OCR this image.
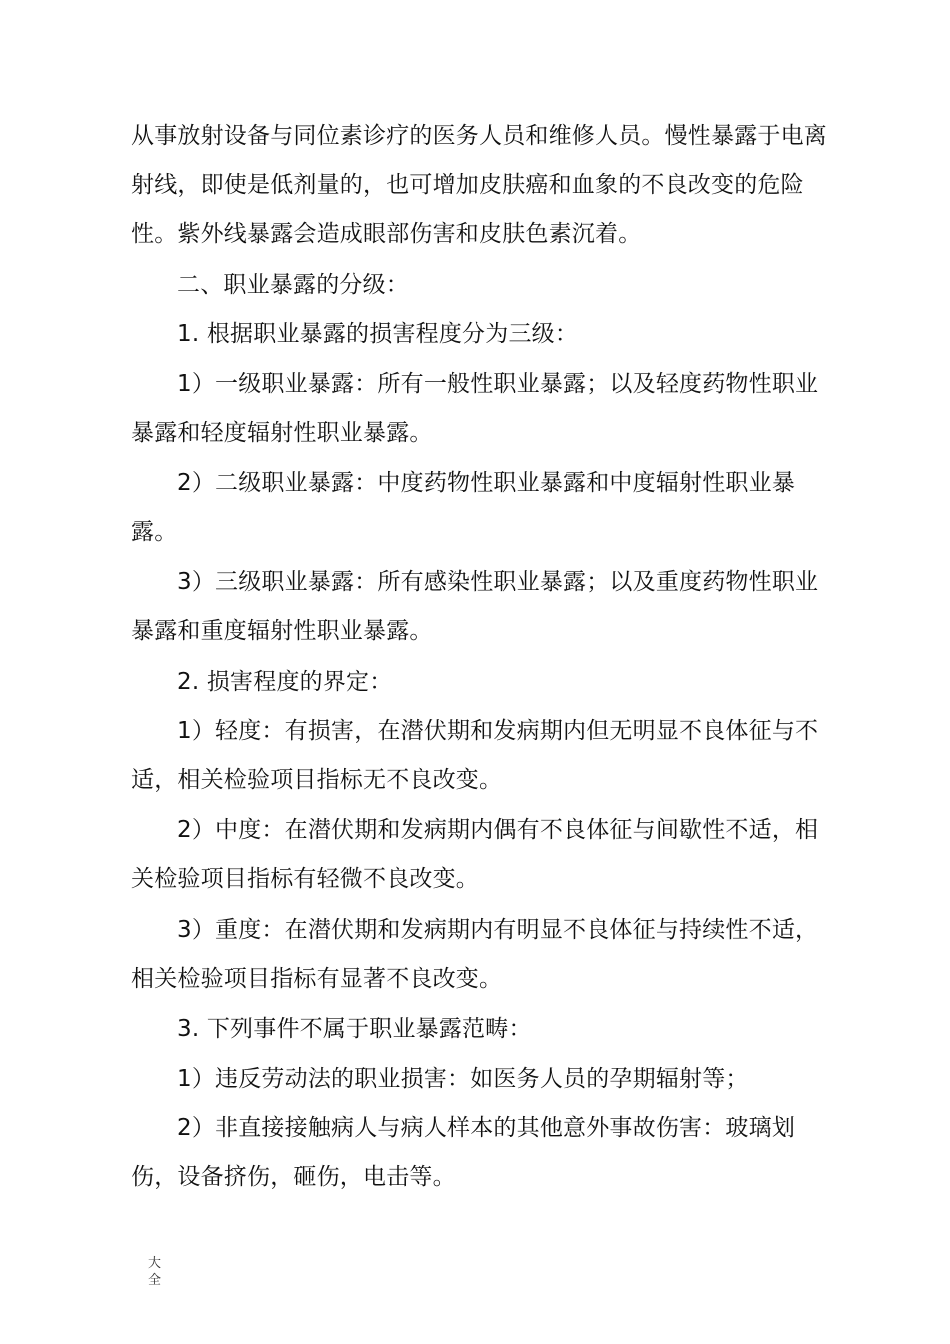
从事放射设备与同位素诊疗的医务人员和维修人员。慢性暴露于电离射线，即使是低剂量的，也可增加皮肤癌和血象的不良改变的危险性。紫外线暴露会造成眼部伤害和皮肤色素沉着。

二、职业暴露的分级：

1. 根据职业暴露的损害程度分为三级：

1）一级职业暴露：所有一般性职业暴露；以及轻度药物性职业暴露和轻度辐射性职业暴露。

2）二级职业暴露：中度药物性职业暴露和中度辐射性职业暴露。

3）三级职业暴露：所有感染性职业暴露；以及重度药物性职业暴露和重度辐射性职业暴露。

2. 损害程度的界定：

1）轻度：有损害，在潜伏期和发病期内但无明显不良体征与不适，相关检验项目指标无不良改变。

2）中度：在潜伏期和发病期内偶有不良体征与间歇性不适，相关检验项目指标有轻微不良改变。

3）重度：在潜伏期和发病期内有明显不良体征与持续性不适，相关检验项目指标有显著不良改变。

3. 下列事件不属于职业暴露范畴：

1）违反劳动法的职业损害：如医务人员的孕期辐射等；

2）非直接接触病人与病人样本的其他意外事故伤害：玻璃划伤，设备挤伤，砸伤，电击等。

大
全
